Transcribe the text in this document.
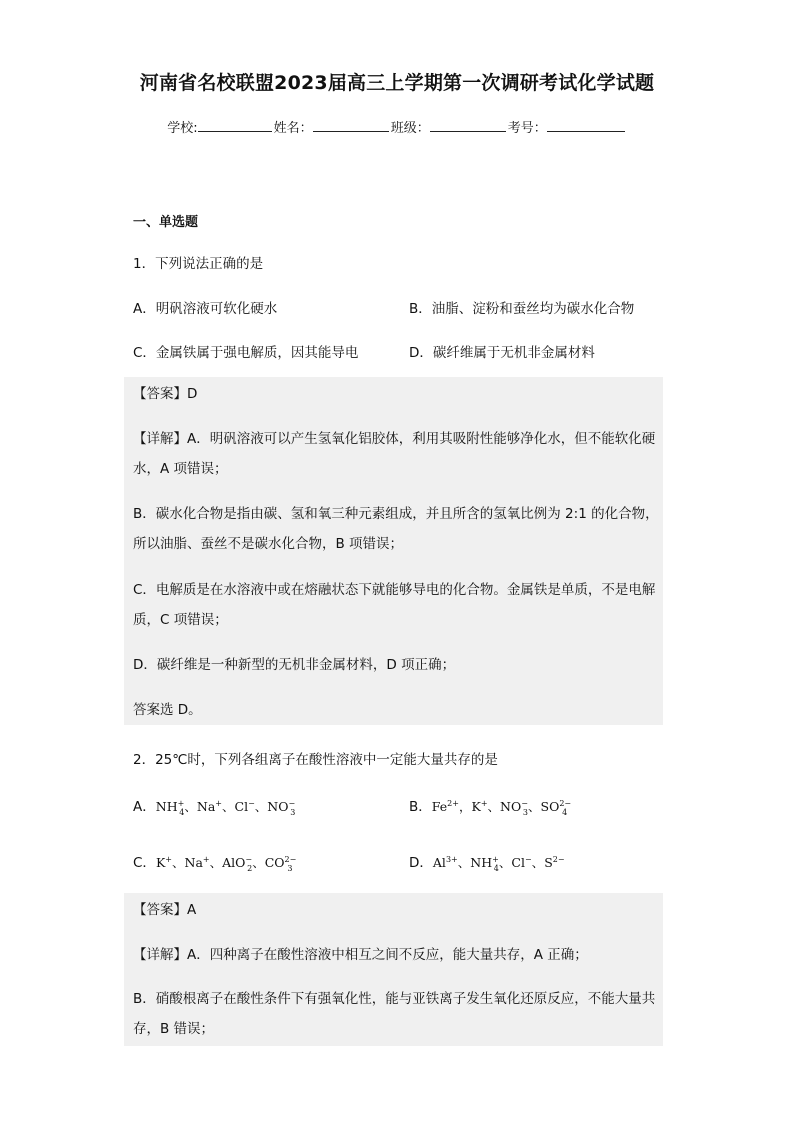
河南省名校联盟2023届高三上学期第一次调研考试化学试题
学校:	姓名：	班级：	考号：
一、单选题
1．下列说法正确的是
A．明矾溶液可软化硬水	B．油脂、淀粉和蚕丝均为碳水化合物
C．金属铁属于强电解质，因其能导电	D．碳纤维属于无机非金属材料
【答案】D
【详解】A．明矾溶液可以产生氢氧化铝胶体，利用其吸附性能够净化水，但不能软化硬水，A 项错误；
B．碳水化合物是指由碳、氢和氧三种元素组成，并且所含的氢氧比例为 2:1 的化合物，所以油脂、蚕丝不是碳水化合物，B 项错误；
C．电解质是在水溶液中或在熔融状态下就能够导电的化合物。金属铁是单质，不是电解质，C 项错误；
D．碳纤维是一种新型的无机非金属材料，D 项正确；
答案选 D。
2．25℃时，下列各组离子在酸性溶液中一定能大量共存的是
A．$NH^+_4$、Na+、Cl−、$NO^-_3$	B．$Fe^{2+}$，K+、$NO^-_3$、$SO^{2-}_4$
C．K+、Na+、AlO−$_2$、$CO^{2-}_3$	D．$Al^{3+}$、$NH^+_4$、Cl−、$S^{2-}$
【答案】A
【详解】A．四种离子在酸性溶液中相互之间不反应，能大量共存，A 正确；
B．硝酸根离子在酸性条件下有强氧化性，能与亚铁离子发生氧化还原反应，不能大量共存，B 错误；
